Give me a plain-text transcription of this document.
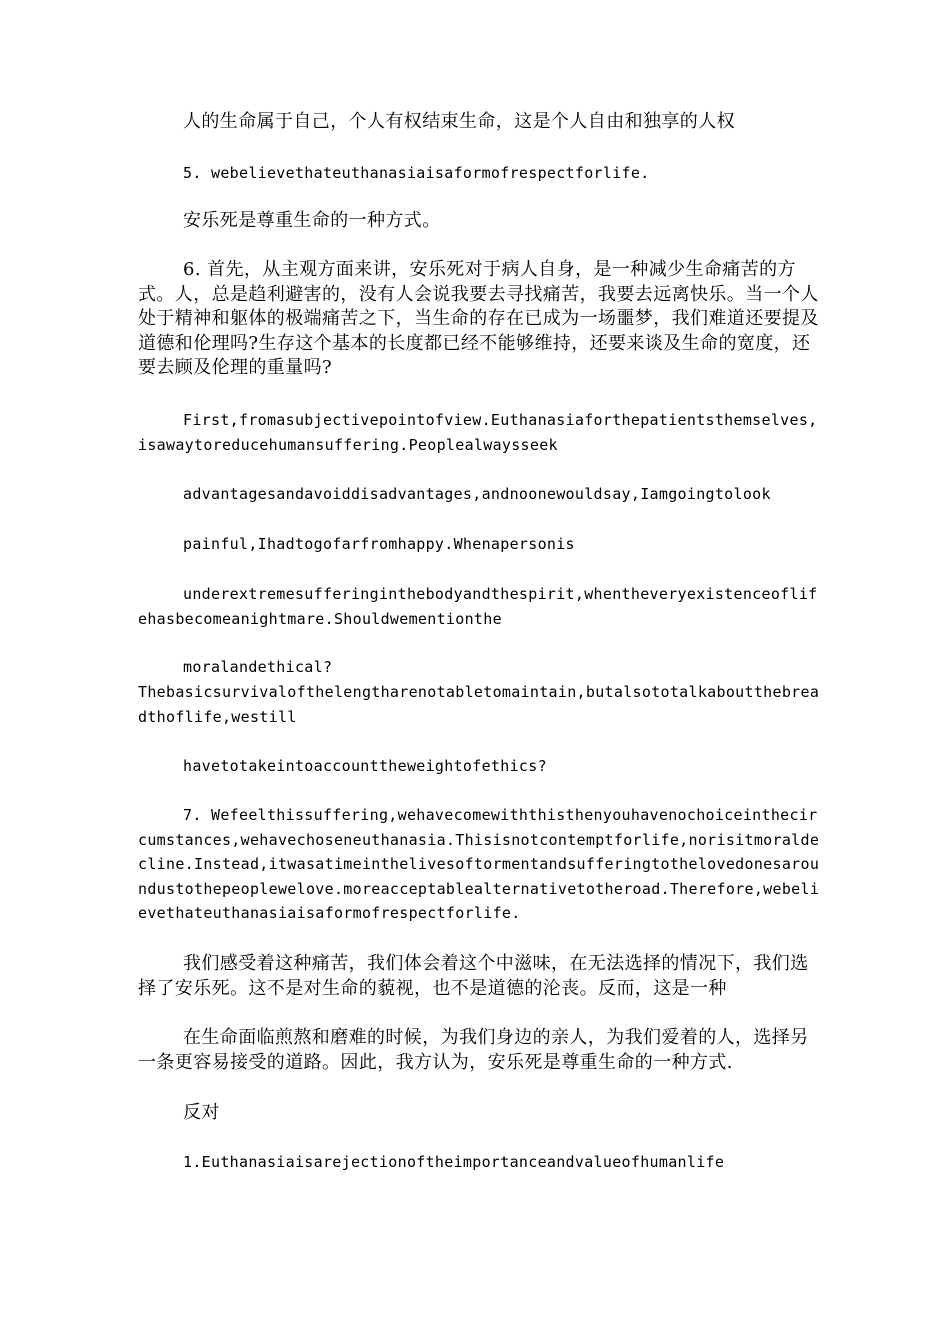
人的生命属于自己，个人有权结束生命，这是个人自由和独享的人权

5. webelievethateuthanasiaisaformofrespectforlife.

安乐死是尊重生命的一种方式。

6. 首先，从主观方面来讲，安乐死对于病人自身，是一种减少生命痛苦的方式。人，总是趋利避害的，没有人会说我要去寻找痛苦，我要去远离快乐。当一个人处于精神和躯体的极端痛苦之下，当生命的存在已成为一场噩梦，我们难道还要提及道德和伦理吗?生存这个基本的长度都已经不能够维持，还要来谈及生命的宽度，还要去顾及伦理的重量吗?

First,fromasubjectivepointofview.Euthanasiaforthepatientsthemselves,isawaytoreducehumansuffering.Peoplealwaysseek

advantagesandavoiddisadvantages,andnoonewouldsay,Iamgoingtolook

painful,Ihadtogofarfromhappy.Whenapersonis

underextremesufferinginthebodyandthespirit,whentheveryexistenceoflifehasbecomeanightmare.Shouldwementionthe

moralandethical?

Thebasicsurvivalofthelengtharenotabletomaintain,butalsototalkaboutthebreadthoflife,westill

havetotakeintoaccounttheweightofethics?

7. Wefeelthissuffering,wehavecomewiththisthenyouhavenochoiceinthecircumstances,wehavechoseneuthanasia.Thisisnotcontemptforlife,norisitmoraldecline.Instead,itwasatimeinthelivesoftormentandsufferingtothelovedonesaroundustothepeoplewelove.moreacceptablealternativetotheroad.Therefore,webelievethateuthanasiaisaformofrespectforlife.

我们感受着这种痛苦，我们体会着这个中滋味，在无法选择的情况下，我们选择了安乐死。这不是对生命的藐视，也不是道德的沦丧。反而，这是一种

在生命面临煎熬和磨难的时候，为我们身边的亲人，为我们爱着的人，选择另一条更容易接受的道路。因此，我方认为，安乐死是尊重生命的一种方式.

反对

1.Euthanasiaisarejectionoftheimportanceandvalueofhumanlife
